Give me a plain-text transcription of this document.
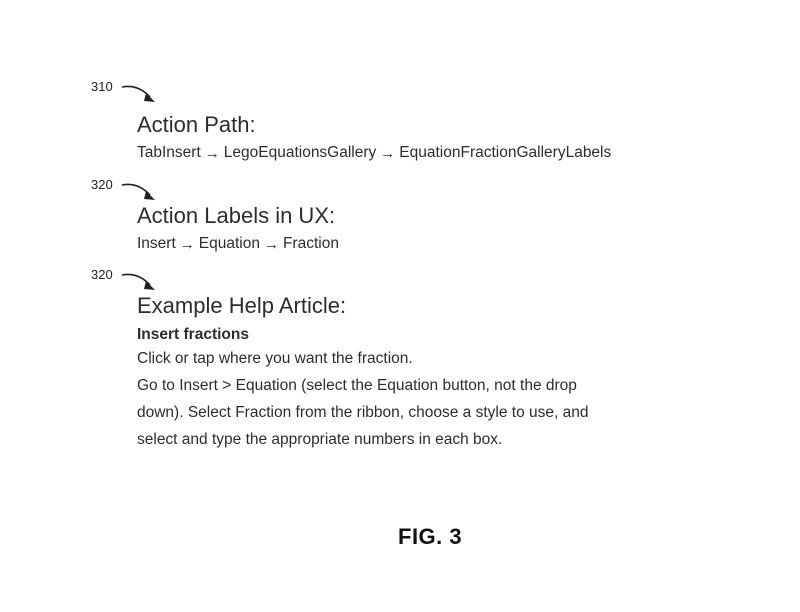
310
Action Path:
TabInsert → LegoEquationsGallery → EquationFractionGalleryLabels
320
Action Labels in UX:
Insert → Equation → Fraction
320
Example Help Article:
Insert fractions
Click or tap where you want the fraction.
Go to Insert > Equation (select the Equation button, not the drop
down). Select Fraction from the ribbon, choose a style to use, and
select and type the appropriate numbers in each box.
FIG. 3
